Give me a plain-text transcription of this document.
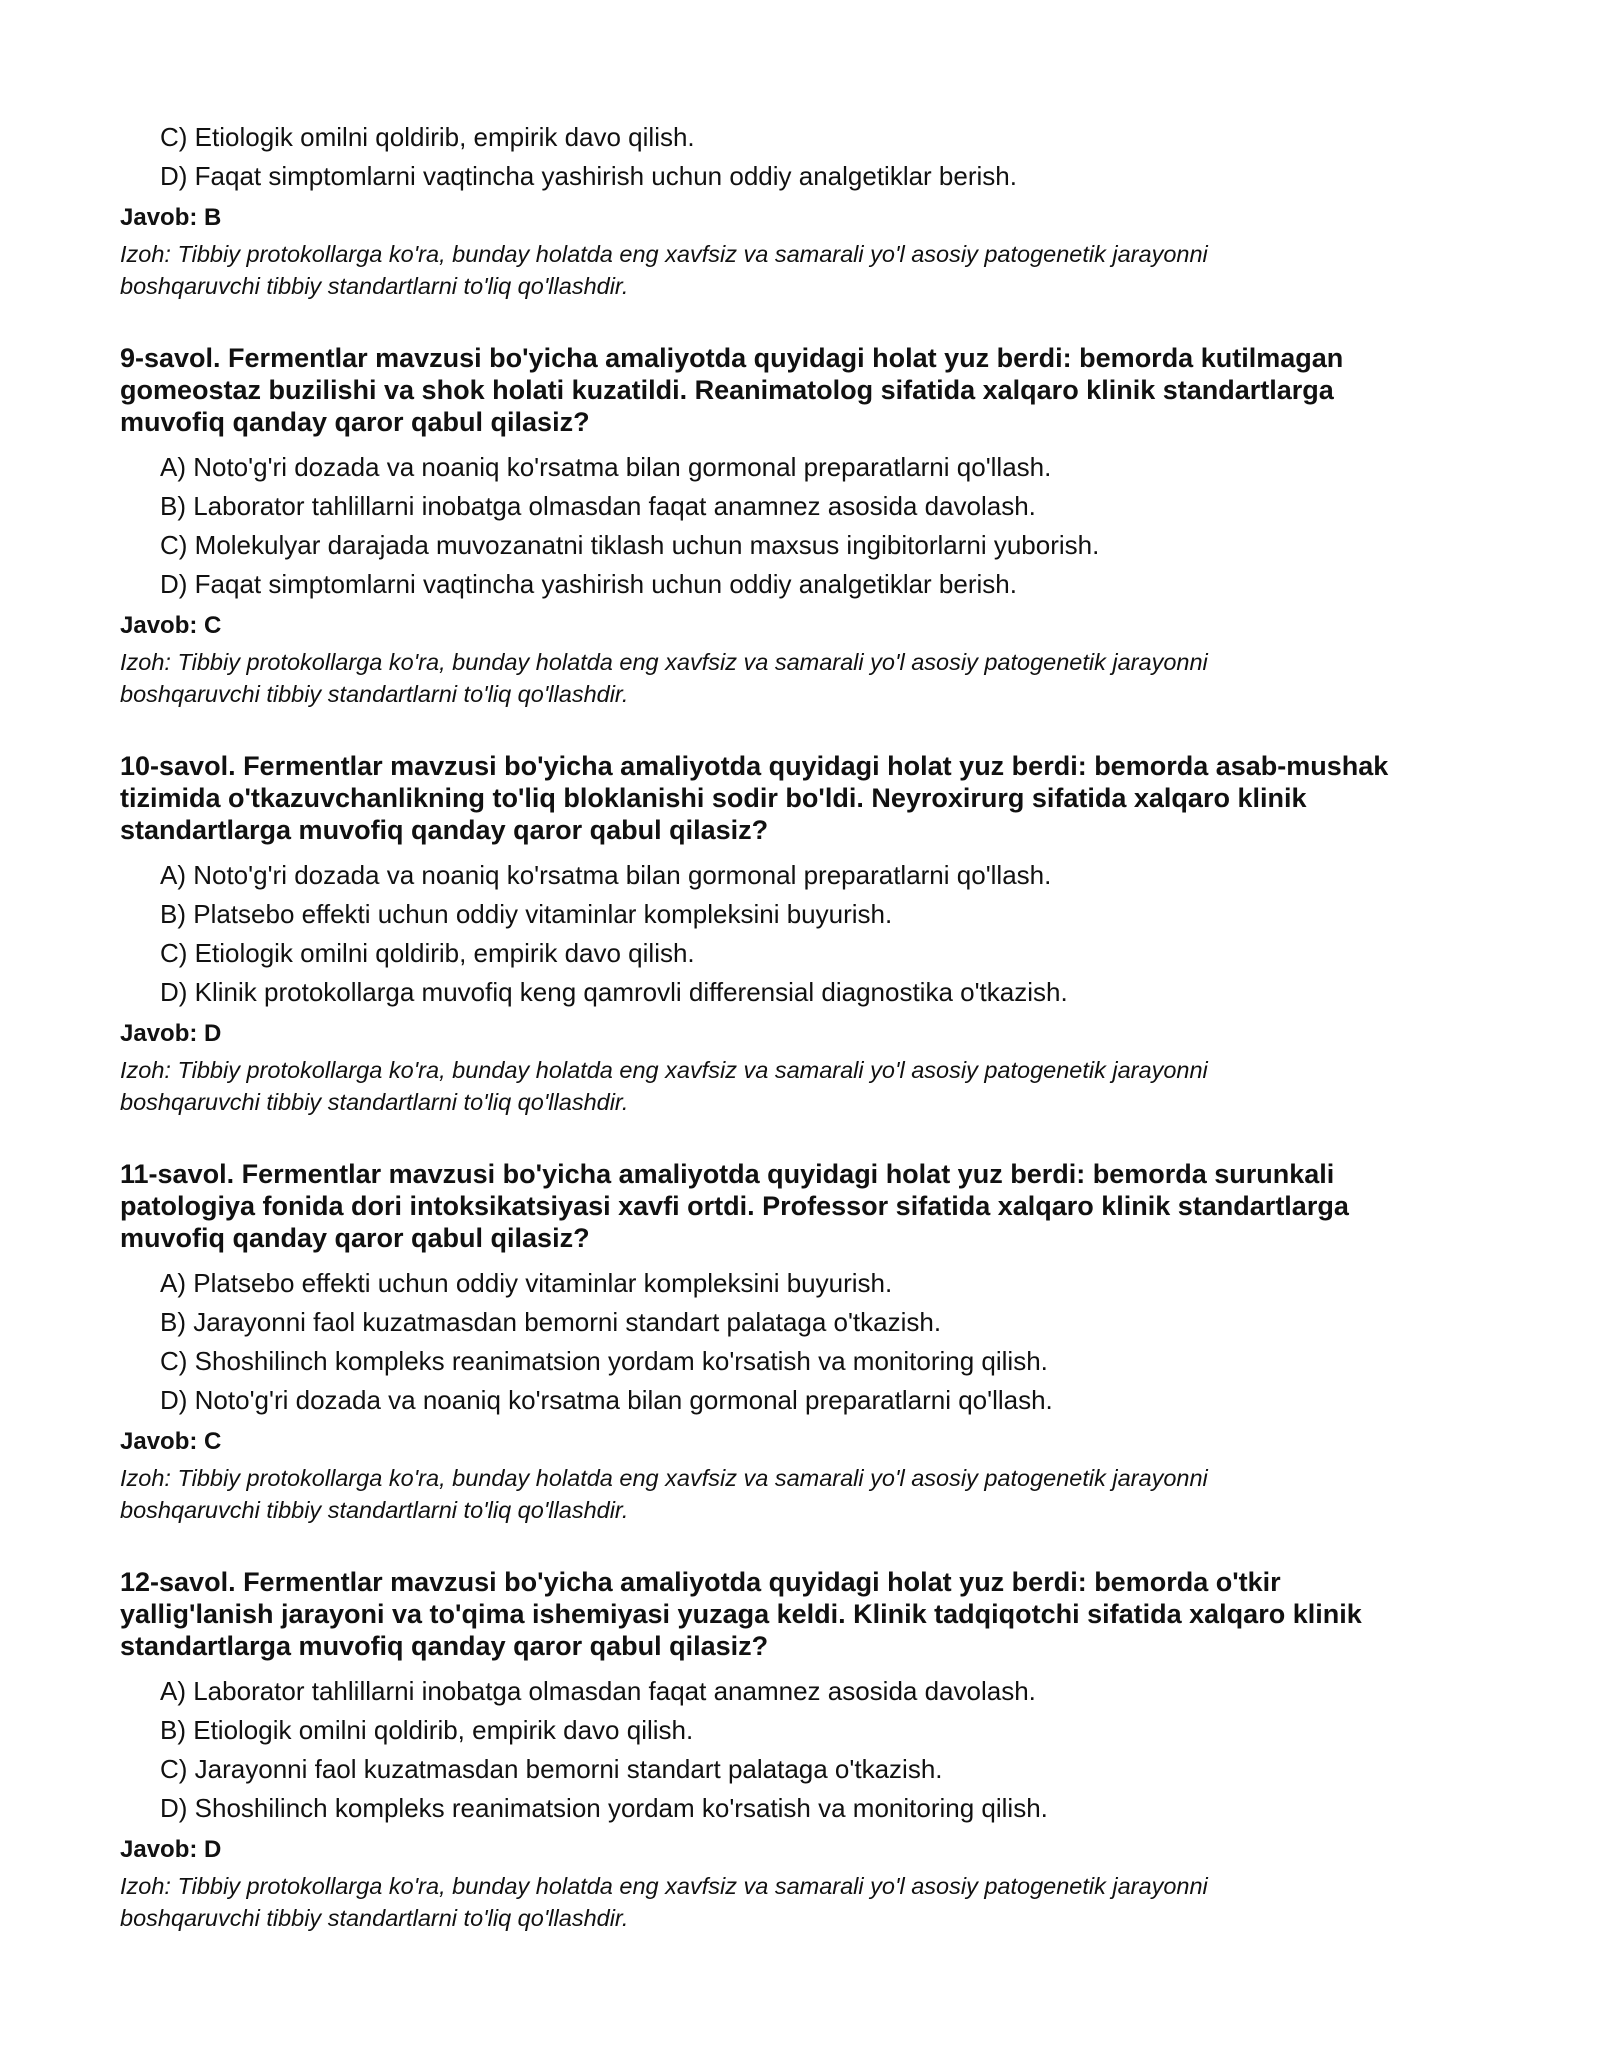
C) Etiologik omilni qoldirib, empirik davo qilish.
D) Faqat simptomlarni vaqtincha yashirish uchun oddiy analgetiklar berish.
Javob: B
Izoh: Tibbiy protokollarga ko'ra, bunday holatda eng xavfsiz va samarali yo'l asosiy patogenetik jarayonni
boshqaruvchi tibbiy standartlarni to'liq qo'llashdir.
9-savol. Fermentlar mavzusi bo'yicha amaliyotda quyidagi holat yuz berdi: bemorda kutilmagan
gomeostaz buzilishi va shok holati kuzatildi. Reanimatolog sifatida xalqaro klinik standartlarga
muvofiq qanday qaror qabul qilasiz?
A) Noto'g'ri dozada va noaniq ko'rsatma bilan gormonal preparatlarni qo'llash.
B) Laborator tahlillarni inobatga olmasdan faqat anamnez asosida davolash.
C) Molekulyar darajada muvozanatni tiklash uchun maxsus ingibitorlarni yuborish.
D) Faqat simptomlarni vaqtincha yashirish uchun oddiy analgetiklar berish.
Javob: C
Izoh: Tibbiy protokollarga ko'ra, bunday holatda eng xavfsiz va samarali yo'l asosiy patogenetik jarayonni
boshqaruvchi tibbiy standartlarni to'liq qo'llashdir.
10-savol. Fermentlar mavzusi bo'yicha amaliyotda quyidagi holat yuz berdi: bemorda asab-mushak
tizimida o'tkazuvchanlikning to'liq bloklanishi sodir bo'ldi. Neyroxirurg sifatida xalqaro klinik
standartlarga muvofiq qanday qaror qabul qilasiz?
A) Noto'g'ri dozada va noaniq ko'rsatma bilan gormonal preparatlarni qo'llash.
B) Platsebo effekti uchun oddiy vitaminlar kompleksini buyurish.
C) Etiologik omilni qoldirib, empirik davo qilish.
D) Klinik protokollarga muvofiq keng qamrovli differensial diagnostika o'tkazish.
Javob: D
Izoh: Tibbiy protokollarga ko'ra, bunday holatda eng xavfsiz va samarali yo'l asosiy patogenetik jarayonni
boshqaruvchi tibbiy standartlarni to'liq qo'llashdir.
11-savol. Fermentlar mavzusi bo'yicha amaliyotda quyidagi holat yuz berdi: bemorda surunkali
patologiya fonida dori intoksikatsiyasi xavfi ortdi. Professor sifatida xalqaro klinik standartlarga
muvofiq qanday qaror qabul qilasiz?
A) Platsebo effekti uchun oddiy vitaminlar kompleksini buyurish.
B) Jarayonni faol kuzatmasdan bemorni standart palataga o'tkazish.
C) Shoshilinch kompleks reanimatsion yordam ko'rsatish va monitoring qilish.
D) Noto'g'ri dozada va noaniq ko'rsatma bilan gormonal preparatlarni qo'llash.
Javob: C
Izoh: Tibbiy protokollarga ko'ra, bunday holatda eng xavfsiz va samarali yo'l asosiy patogenetik jarayonni
boshqaruvchi tibbiy standartlarni to'liq qo'llashdir.
12-savol. Fermentlar mavzusi bo'yicha amaliyotda quyidagi holat yuz berdi: bemorda o'tkir
yallig'lanish jarayoni va to'qima ishemiyasi yuzaga keldi. Klinik tadqiqotchi sifatida xalqaro klinik
standartlarga muvofiq qanday qaror qabul qilasiz?
A) Laborator tahlillarni inobatga olmasdan faqat anamnez asosida davolash.
B) Etiologik omilni qoldirib, empirik davo qilish.
C) Jarayonni faol kuzatmasdan bemorni standart palataga o'tkazish.
D) Shoshilinch kompleks reanimatsion yordam ko'rsatish va monitoring qilish.
Javob: D
Izoh: Tibbiy protokollarga ko'ra, bunday holatda eng xavfsiz va samarali yo'l asosiy patogenetik jarayonni
boshqaruvchi tibbiy standartlarni to'liq qo'llashdir.
